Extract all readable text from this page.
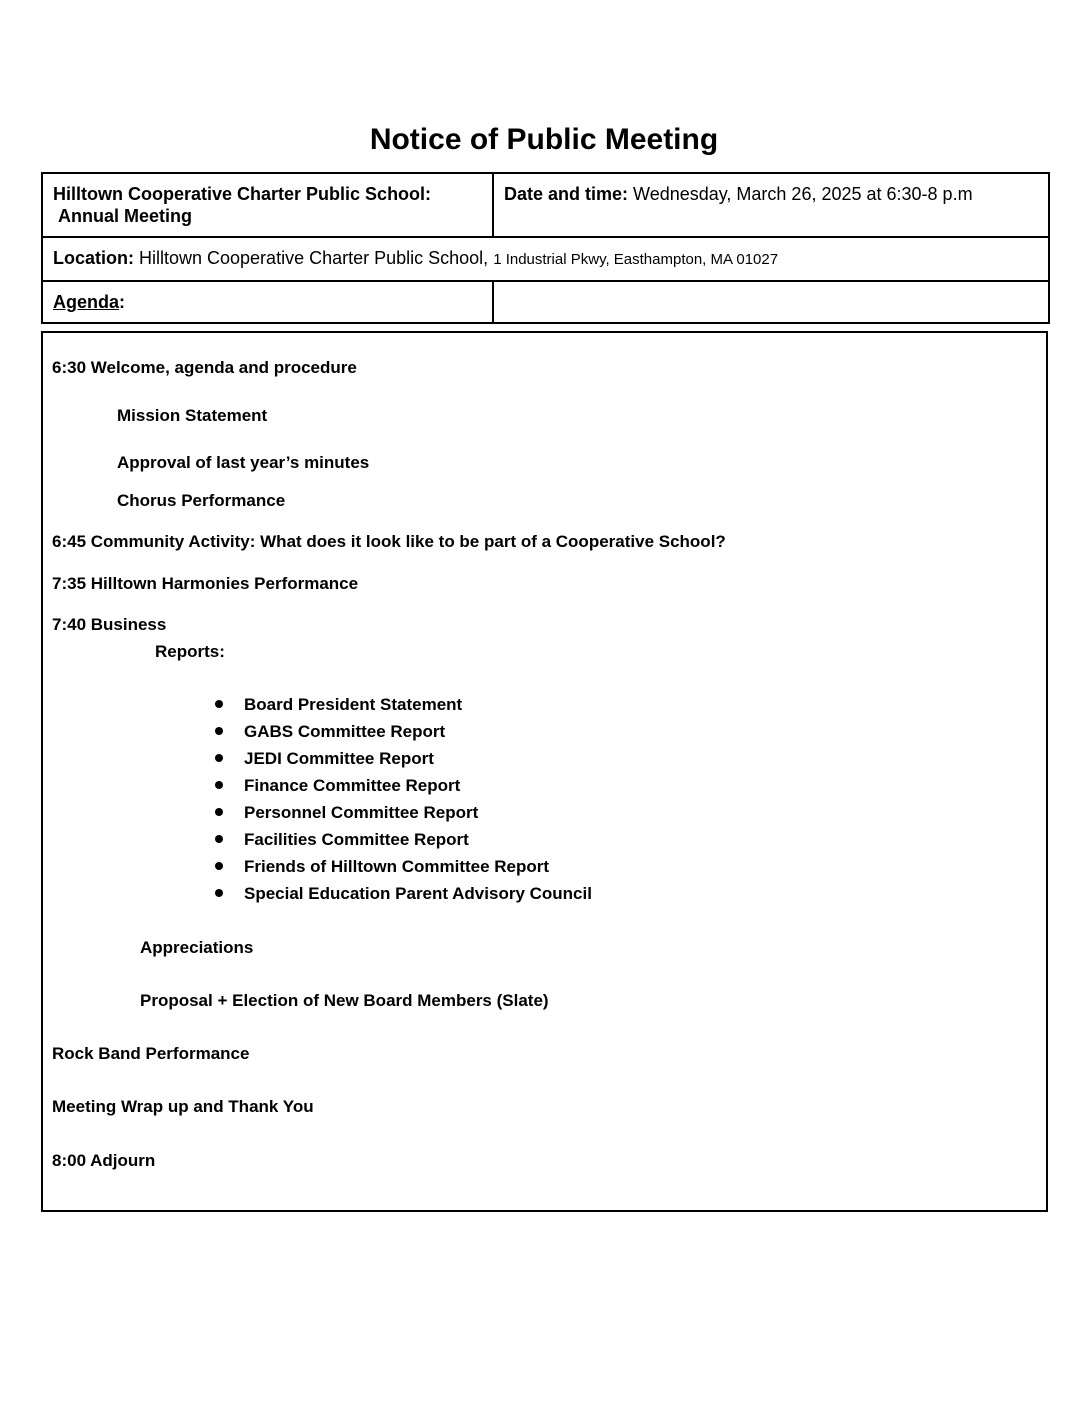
Notice of Public Meeting
Hilltown Cooperative Charter Public School:
Annual Meeting	Date and time: Wednesday, March 26, 2025 at 6:30-8 p.m
Location: Hilltown Cooperative Charter Public School, 1 Industrial Pkwy, Easthampton, MA 01027	
Agenda:	

6:30 Welcome, agenda and procedure

Mission Statement

Approval of last year’s minutes

Chorus Performance

6:45 Community Activity: What does it look like to be part of a Cooperative School?

7:35 Hilltown Harmonies Performance

7:40 Business

Reports:

Board President Statement
GABS Committee Report
JEDI Committee Report
Finance Committee Report
Personnel Committee Report
Facilities Committee Report
Friends of Hilltown Committee Report
Special Education Parent Advisory Council

Appreciations

Proposal + Election of New Board Members (Slate)

Rock Band Performance

Meeting Wrap up and Thank You

8:00 Adjourn
